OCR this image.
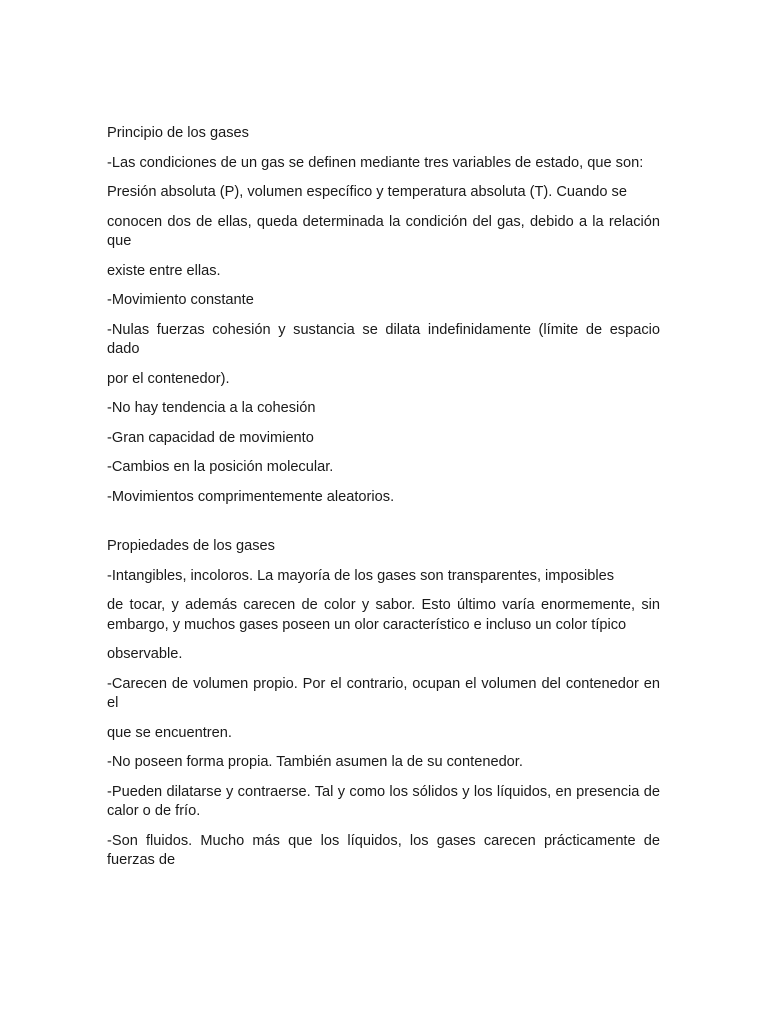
Principio de los gases

-Las condiciones de un gas se definen mediante tres variables de estado, que son:

Presión absoluta (P), volumen específico y temperatura absoluta (T). Cuando se

conocen dos de ellas, queda determinada la condición del gas, debido a la relación que

existe entre ellas.

-Movimiento constante

-Nulas fuerzas cohesión y sustancia se dilata indefinidamente (límite de espacio dado

por el contenedor).

-No hay tendencia a la cohesión

-Gran capacidad de movimiento

-Cambios en la posición molecular.

-Movimientos comprimentemente aleatorios.

Propiedades de los gases

-Intangibles, incoloros. La mayoría de los gases son transparentes, imposibles

de tocar, y además carecen de color y sabor. Esto último varía enormemente, sin embargo, y muchos gases poseen un olor característico e incluso un color típico

observable.

-Carecen de volumen propio. Por el contrario, ocupan el volumen del contenedor en el

que se encuentren.

-No poseen forma propia. También asumen la de su contenedor.

-Pueden dilatarse y contraerse. Tal y como los sólidos y los líquidos, en presencia de calor o de frío.

-Son fluidos. Mucho más que los líquidos, los gases carecen prácticamente de fuerzas de
